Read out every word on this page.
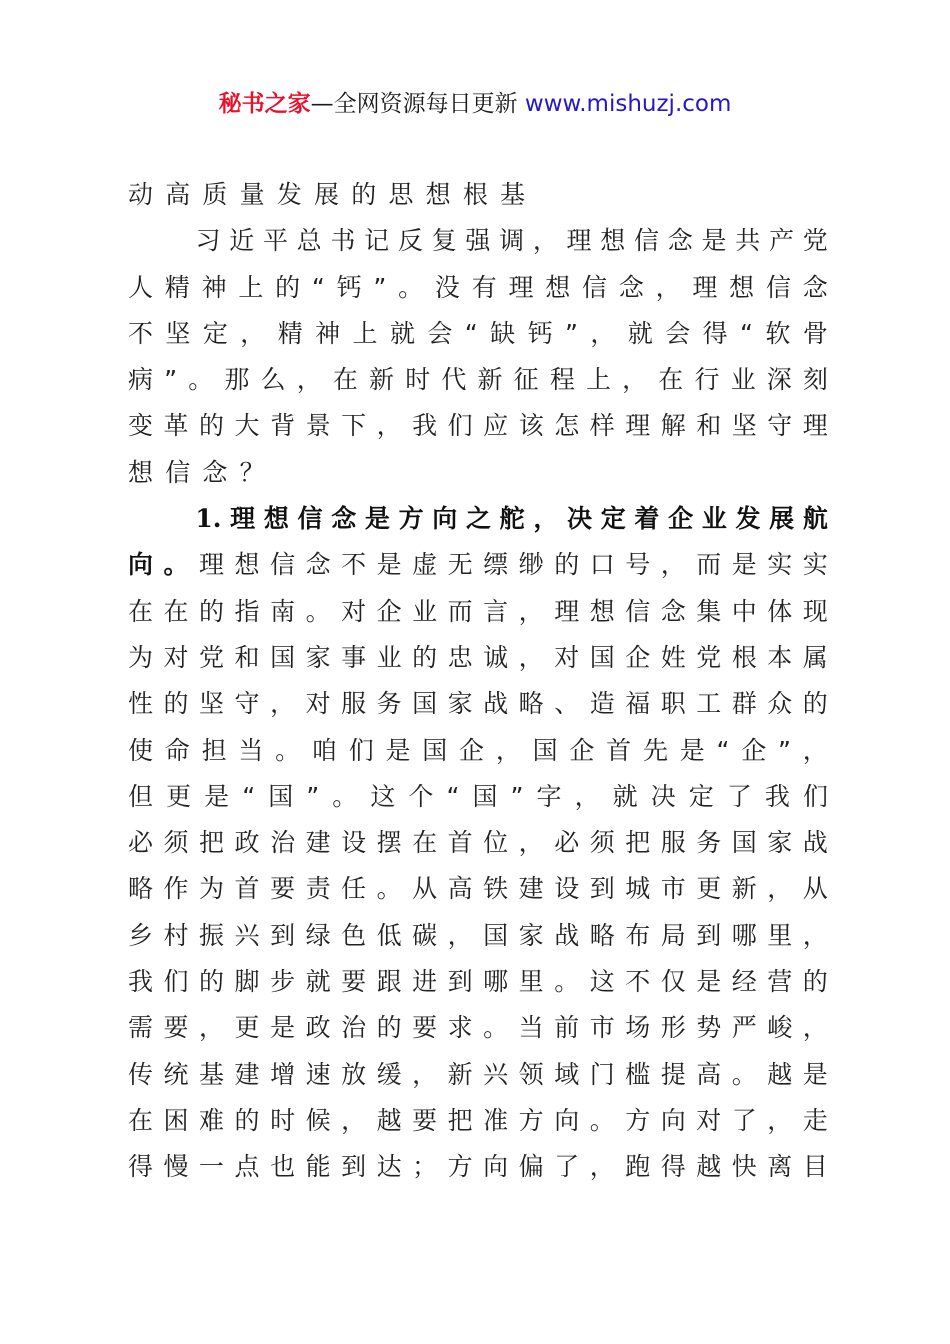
秘书之家—全网资源每日更新 www.mishuzj.com
动 高 质 量 发 展 的 思 想 根 基

习 近 平 总 书 记 反 复 强 调 ， 理 想 信 念 是 共 产 党
人 精 神 上 的 “ 钙 ” 。 没 有 理 想 信 念 ， 理 想 信 念
不 坚 定 ， 精 神 上 就 会 “ 缺 钙 ” ， 就 会 得 “ 软 骨
病 ” 。 那 么 ， 在 新 时 代 新 征 程 上 ， 在 行 业 深 刻
变 革 的 大 背 景 下 ， 我 们 应 该 怎 样 理 解 和 坚 守 理
想 信 念 ？

1. 理 想 信 念 是 方 向 之 舵 ， 决 定 着 企 业 发 展 航
向 。 理 想 信 念 不 是 虚 无 缥 缈 的 口 号 ， 而 是 实 实
在 在 的 指 南 。 对 企 业 而 言 ， 理 想 信 念 集 中 体 现
为 对 党 和 国 家 事 业 的 忠 诚 ， 对 国 企 姓 党 根 本 属
性 的 坚 守 ， 对 服 务 国 家 战 略 、 造 福 职 工 群 众 的
使 命 担 当 。 咱 们 是 国 企 ， 国 企 首 先 是 “ 企 ” ，
但 更 是 “ 国 ” 。 这 个 “ 国 ” 字 ， 就 决 定 了 我 们
必 须 把 政 治 建 设 摆 在 首 位 ， 必 须 把 服 务 国 家 战
略 作 为 首 要 责 任 。 从 高 铁 建 设 到 城 市 更 新 ， 从
乡 村 振 兴 到 绿 色 低 碳 ， 国 家 战 略 布 局 到 哪 里 ，
我 们 的 脚 步 就 要 跟 进 到 哪 里 。 这 不 仅 是 经 营 的
需 要 ， 更 是 政 治 的 要 求 。 当 前 市 场 形 势 严 峻 ，
传 统 基 建 增 速 放 缓 ， 新 兴 领 域 门 槛 提 高 。 越 是
在 困 难 的 时 候 ， 越 要 把 准 方 向 。 方 向 对 了 ， 走
得 慢 一 点 也 能 到 达 ； 方 向 偏 了 ， 跑 得 越 快 离 目
